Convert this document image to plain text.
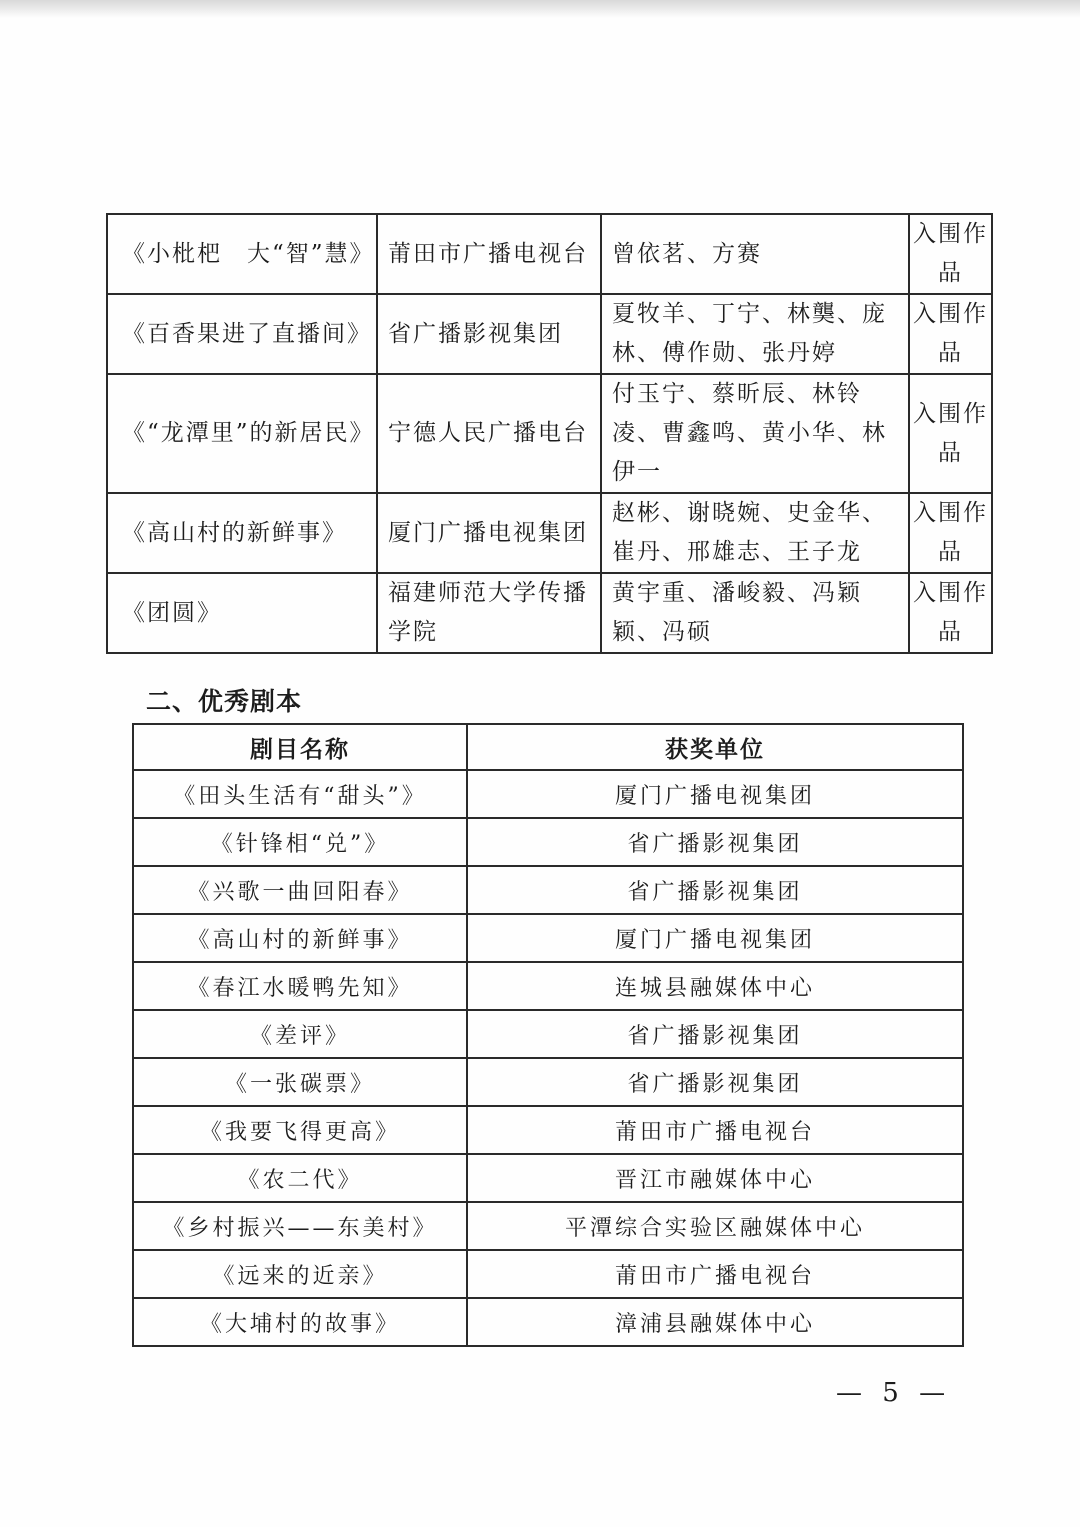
《小枇杷　大“智”慧》	莆田市广播电视台	曾依茗、方赛	入围作品
《百香果进了直播间》	省广播影视集团	夏牧羊、丁宁、林龑、庞林、傅作勋、张丹婷	入围作品
《“龙潭里”的新居民》	宁德人民广播电台	付玉宁、蔡昕辰、林铃凌、曹鑫鸣、黄小华、林伊一	入围作品
《高山村的新鲜事》	厦门广播电视集团	赵彬、谢晓婉、史金华、崔丹、邢雄志、王子龙	入围作品
《团圆》	福建师范大学传播学院	黄宇重、潘峻毅、冯颖颖、冯硕	入围作品
二、优秀剧本
剧目名称	获奖单位
《田头生活有“甜头”》	厦门广播电视集团
《针锋相“兑”》	省广播影视集团
《兴歌一曲回阳春》	省广播影视集团
《高山村的新鲜事》	厦门广播电视集团
《春江水暖鸭先知》	连城县融媒体中心
《差评》	省广播影视集团
《一张碳票》	省广播影视集团
《我要飞得更高》	莆田市广播电视台
《农二代》	晋江市融媒体中心
《乡村振兴——东美村》	平潭综合实验区融媒体中心
《远来的近亲》	莆田市广播电视台
《大埔村的故事》	漳浦县融媒体中心
— 5 —
